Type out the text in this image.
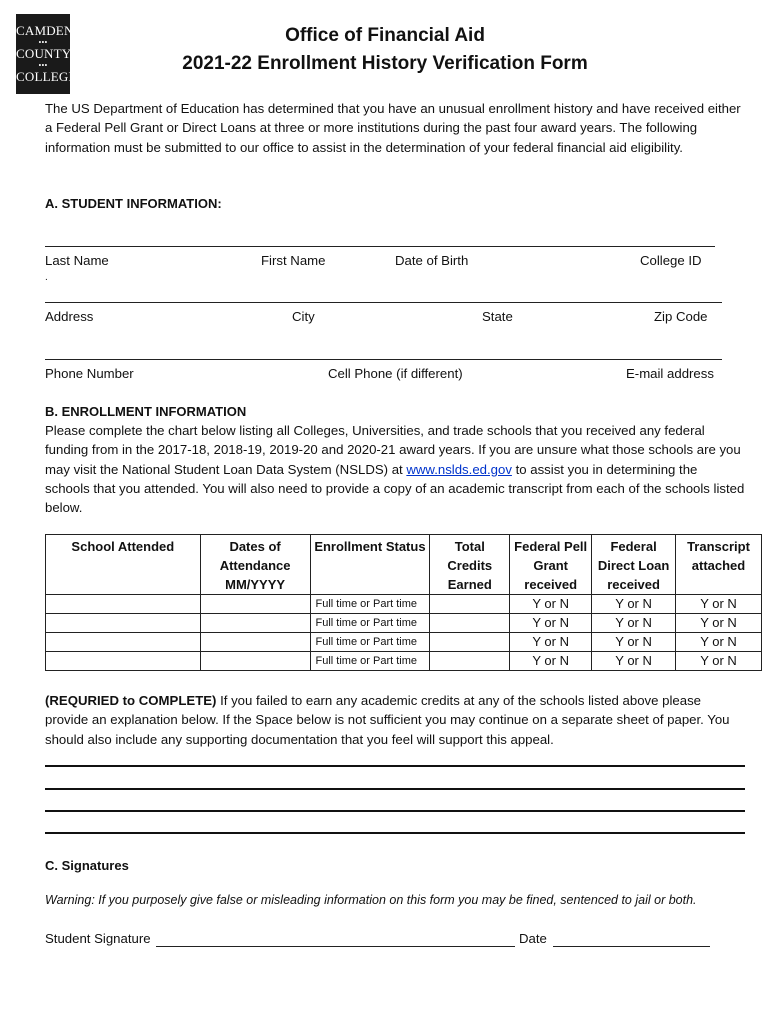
CAMDEN
•••
COUNTY
•••
COLLEGE
Office of Financial Aid
2021-22 Enrollment History Verification Form
The US Department of Education has determined that you have an unusual enrollment history and have received either a Federal Pell Grant or Direct Loans at three or more institutions during the past four award years. The following information must be submitted to our office to assist in the determination of your federal financial aid eligibility.
A. STUDENT INFORMATION:
Last Name	First Name	Date of Birth	College ID
.
Address	City	State	Zip Code
Phone Number	Cell Phone (if different)	E-mail address
B. ENROLLMENT INFORMATION
Please complete the chart below listing all Colleges, Universities, and trade schools that you received any federal funding from in the 2017-18, 2018-19, 2019-20 and 2020-21 award years. If you are unsure what those schools are you may visit the National Student Loan Data System (NSLDS) at www.nslds.ed.gov to assist you in determining the schools that you attended. You will also need to provide a copy of an academic transcript from each of the schools listed below.
School Attended	Dates of Attendance MM/YYYY	Enrollment Status	Total Credits Earned	Federal Pell Grant received	Federal Direct Loan received	Transcript attached
		Full time or Part time		Y or N	Y or N	Y or N
		Full time or Part time		Y or N	Y or N	Y or N
		Full time or Part time		Y or N	Y or N	Y or N
		Full time or Part time		Y or N	Y or N	Y or N
(REQURIED to COMPLETE) If you failed to earn any academic credits at any of the schools listed above please provide an explanation below. If the Space below is not sufficient you may continue on a separate sheet of paper. You should also include any supporting documentation that you feel will support this appeal.
C. Signatures
Warning: If you purposely give false or misleading information on this form you may be fined, sentenced to jail or both.
Student Signature	Date
